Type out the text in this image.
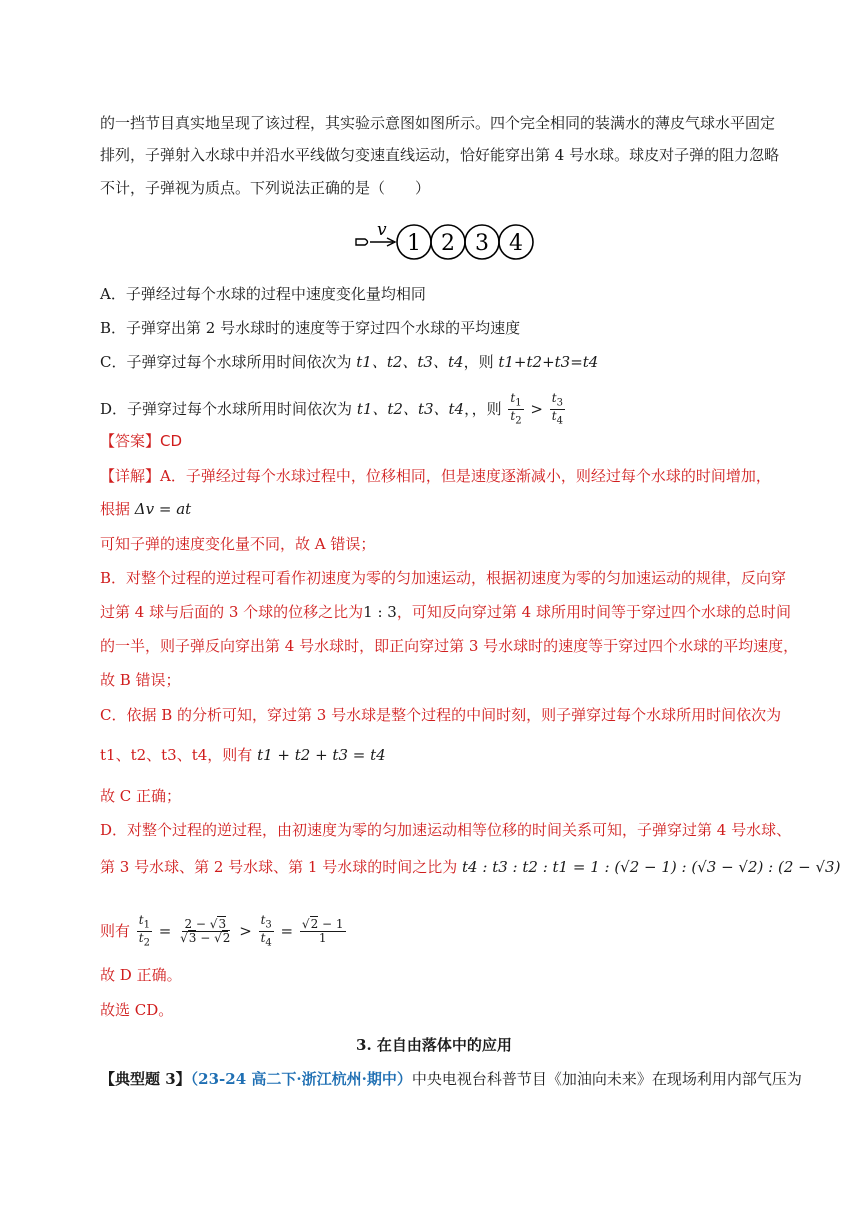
的一挡节目真实地呈现了该过程，其实验示意图如图所示。四个完全相同的装满水的薄皮气球水平固定
排列，子弹射入水球中并沿水平线做匀变速直线运动，恰好能穿出第 4 号水球。球皮对子弹的阻力忽略
不计，子弹视为质点。下列说法正确的是（　　）
v
1 2 3 4
A．子弹经过每个水球的过程中速度变化量均相同
B．子弹穿出第 2 号水球时的速度等于穿过四个水球的平均速度
C．子弹穿过每个水球所用时间依次为 t1、t2、t3、t4，则 t1+t2+t3=t4
D．子弹穿过每个水球所用时间依次为 t1、t2、t3、t4，，则 $\frac{t_1}{t_2} > \frac{t_3}{t_4}$
【答案】CD
【详解】A．子弹经过每个水球过程中，位移相同，但是速度逐渐减小，则经过每个水球的时间增加，
根据 Δv = at
可知子弹的速度变化量不同，故 A 错误；
B．对整个过程的逆过程可看作初速度为零的匀加速运动，根据初速度为零的匀加速运动的规律，反向穿
过第 4 球与后面的 3 个球的位移之比为1 : 3，可知反向穿过第 4 球所用时间等于穿过四个水球的总时间
的一半，则子弹反向穿出第 4 号水球时，即正向穿过第 3 号水球时的速度等于穿过四个水球的平均速度，
故 B 错误；
C．依据 B 的分析可知，穿过第 3 号水球是整个过程的中间时刻，则子弹穿过每个水球所用时间依次为
t1、t2、t3、t4，则有 t1 + t2 + t3 = t4
故 C 正确；
D．对整个过程的逆过程，由初速度为零的匀加速运动相等位移的时间关系可知，子弹穿过第 4 号水球、
第 3 号水球、第 2 号水球、第 1 号水球的时间之比为 t4 : t3 : t2 : t1 = 1 : (√2 − 1) : (√3 − √2) : (2 − √3)
则有 $\frac{t_1}{t_2} = \frac{2 - √3}{√3 - √2} > \frac{t_3}{t_4} = \frac{√2 - 1}{1}$
故 D 正确。
故选 CD。
3. 在自由落体中的应用
【典型题 3】（23-24 高二下·浙江杭州·期中）中央电视台科普节目《加油向未来》在现场利用内部气压为
